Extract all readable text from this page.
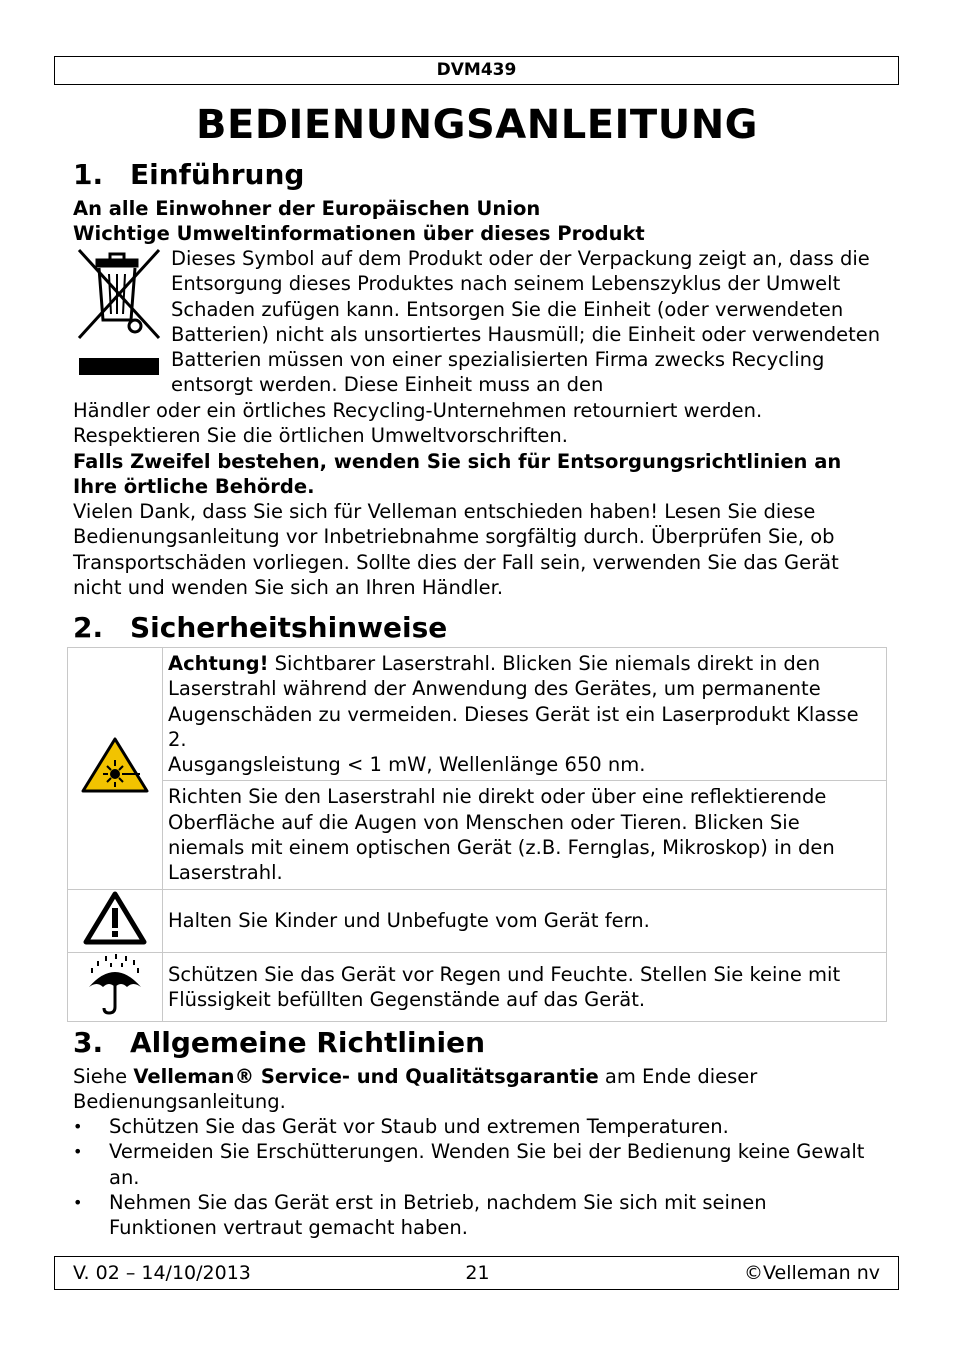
DVM439
BEDIENUNGSANLEITUNG
1. Einführung
An alle Einwohner der Europäischen Union
Wichtige Umweltinformationen über dieses Produkt
Dieses Symbol auf dem Produkt oder der Verpackung zeigt an, dass die Entsorgung dieses Produktes nach seinem Lebenszyklus der Umwelt Schaden zufügen kann. Entsorgen Sie die Einheit (oder verwendeten Batterien) nicht als unsortiertes Hausmüll; die Einheit oder verwendeten Batterien müssen von einer spezialisierten Firma zwecks Recycling entsorgt werden. Diese Einheit muss an den
Händler oder ein örtliches Recycling-Unternehmen retourniert werden. Respektieren Sie die örtlichen Umweltvorschriften.
Falls Zweifel bestehen, wenden Sie sich für Entsorgungsrichtlinien an Ihre örtliche Behörde.
Vielen Dank, dass Sie sich für Velleman entschieden haben! Lesen Sie diese Bedienungsanleitung vor Inbetriebnahme sorgfältig durch. Überprüfen Sie, ob Transportschäden vorliegen. Sollte dies der Fall sein, verwenden Sie das Gerät nicht und wenden Sie sich an Ihren Händler.
2. Sicherheitshinweise
	Achtung! Sichtbarer Laserstrahl. Blicken Sie niemals direkt in den Laserstrahl während der Anwendung des Gerätes, um permanente Augenschäden zu vermeiden. Dieses Gerät ist ein Laserprodukt Klasse 2.
Ausgangsleistung < 1 mW, Wellenlänge 650 nm.
	Richten Sie den Laserstrahl nie direkt oder über eine reflektierende Oberfläche auf die Augen von Menschen oder Tieren. Blicken Sie niemals mit einem optischen Gerät (z.B. Fernglas, Mikroskop) in den Laserstrahl.
	Halten Sie Kinder und Unbefugte vom Gerät fern.
	Schützen Sie das Gerät vor Regen und Feuchte. Stellen Sie keine mit Flüssigkeit befüllten Gegenstände auf das Gerät.
3. Allgemeine Richtlinien
Siehe Velleman® Service- und Qualitätsgarantie am Ende dieser Bedienungsanleitung.
• Schützen Sie das Gerät vor Staub und extremen Temperaturen.
• Vermeiden Sie Erschütterungen. Wenden Sie bei der Bedienung keine Gewalt an.
• Nehmen Sie das Gerät erst in Betrieb, nachdem Sie sich mit seinen Funktionen vertraut gemacht haben.
V. 02 – 14/10/2013	21	©Velleman nv
